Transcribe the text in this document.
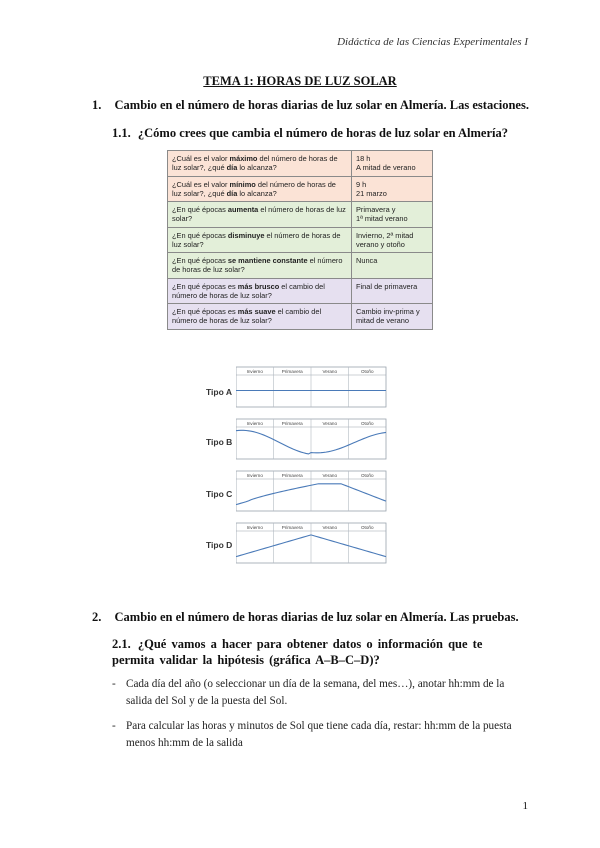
Didáctica de las Ciencias Experimentales I
TEMA 1: HORAS DE LUZ SOLAR
1. Cambio en el número de horas diarias de luz solar en Almería. Las estaciones.
1.1. ¿Cómo crees que cambia el número de horas de luz solar en Almería?
¿Cuál es el valor máximo del número de horas de luz solar?, ¿qué día lo alcanza?	18 h
A mitad de verano

¿Cuál es el valor mínimo del número de horas de luz solar?, ¿qué día lo alcanza?	9 h
21 marzo

¿En qué épocas aumenta el número de horas de luz solar?	Primavera y
1ª mitad verano

¿En qué épocas disminuye el número de horas de luz solar?	Invierno, 2ª mitad
verano y otoño

¿En qué épocas se mantiene constante el número de horas de luz solar?	Nunca

¿En qué épocas es más brusco el cambio del número de horas de luz solar?	Final de primavera

¿En qué épocas es más suave el cambio del número de horas de luz solar?	Cambio inv-prima y
mitad de verano
Tipo A
Tipo B
Tipo C
Tipo D
Invierno	Primavera	Verano	Otoño
Invierno	Primavera	Verano	Otoño
Invierno	Primavera	Verano	Otoño
Invierno	Primavera	Verano	Otoño
2. Cambio en el número de horas diarias de luz solar en Almería. Las pruebas.
2.1. ¿Qué vamos a hacer para obtener datos o información que te permita validar la hipótesis (gráfica A–B–C–D)?
- Cada día del año (o seleccionar un día de la semana, del mes…), anotar hh:mm de la salida del Sol y de la puesta del Sol.
- Para calcular las horas y minutos de Sol que tiene cada día, restar: hh:mm de la puesta menos hh:mm de la salida
1
